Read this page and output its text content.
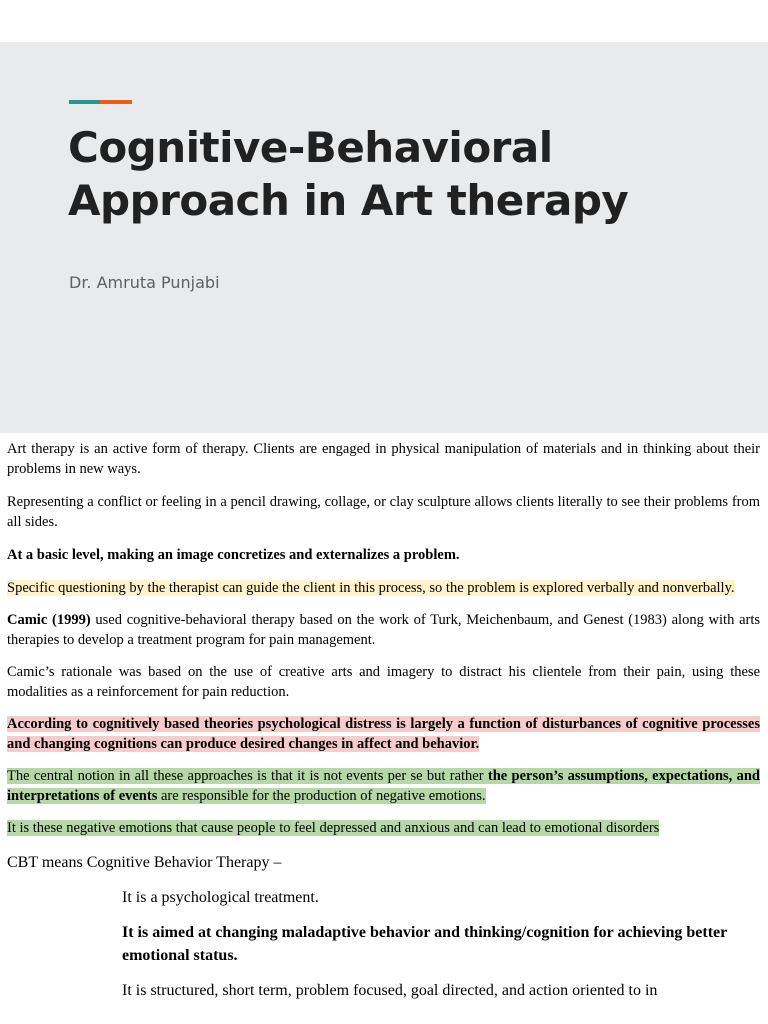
Cognitive-Behavioral
Approach in Art therapy
Dr. Amruta Punjabi

Art therapy is an active form of therapy. Clients are engaged in physical manipulation of materials and in thinking about their problems in new ways.

Representing a conflict or feeling in a pencil drawing, collage, or clay sculpture allows clients literally to see their problems from all sides.

At a basic level, making an image concretizes and externalizes a problem.

Specific questioning by the therapist can guide the client in this process, so the problem is explored verbally and nonverbally.

Camic (1999) used cognitive-behavioral therapy based on the work of Turk, Meichenbaum, and Genest (1983) along with arts therapies to develop a treatment program for pain management.

Camic’s rationale was based on the use of creative arts and imagery to distract his clientele from their pain, using these modalities as a reinforcement for pain reduction.

According to cognitively based theories psychological distress is largely a function of disturbances of cognitive processes and changing cognitions can produce desired changes in affect and behavior.

The central notion in all these approaches is that it is not events per se but rather the person’s assumptions, expectations, and interpretations of events are responsible for the production of negative emotions.

It is these negative emotions that cause people to feel depressed and anxious and can lead to emotional disorders

CBT means Cognitive Behavior Therapy –

It is a psychological treatment.

It is aimed at changing maladaptive behavior and thinking/cognition for achieving better emotional status.

It is structured, short term, problem focused, goal directed, and action oriented to in
